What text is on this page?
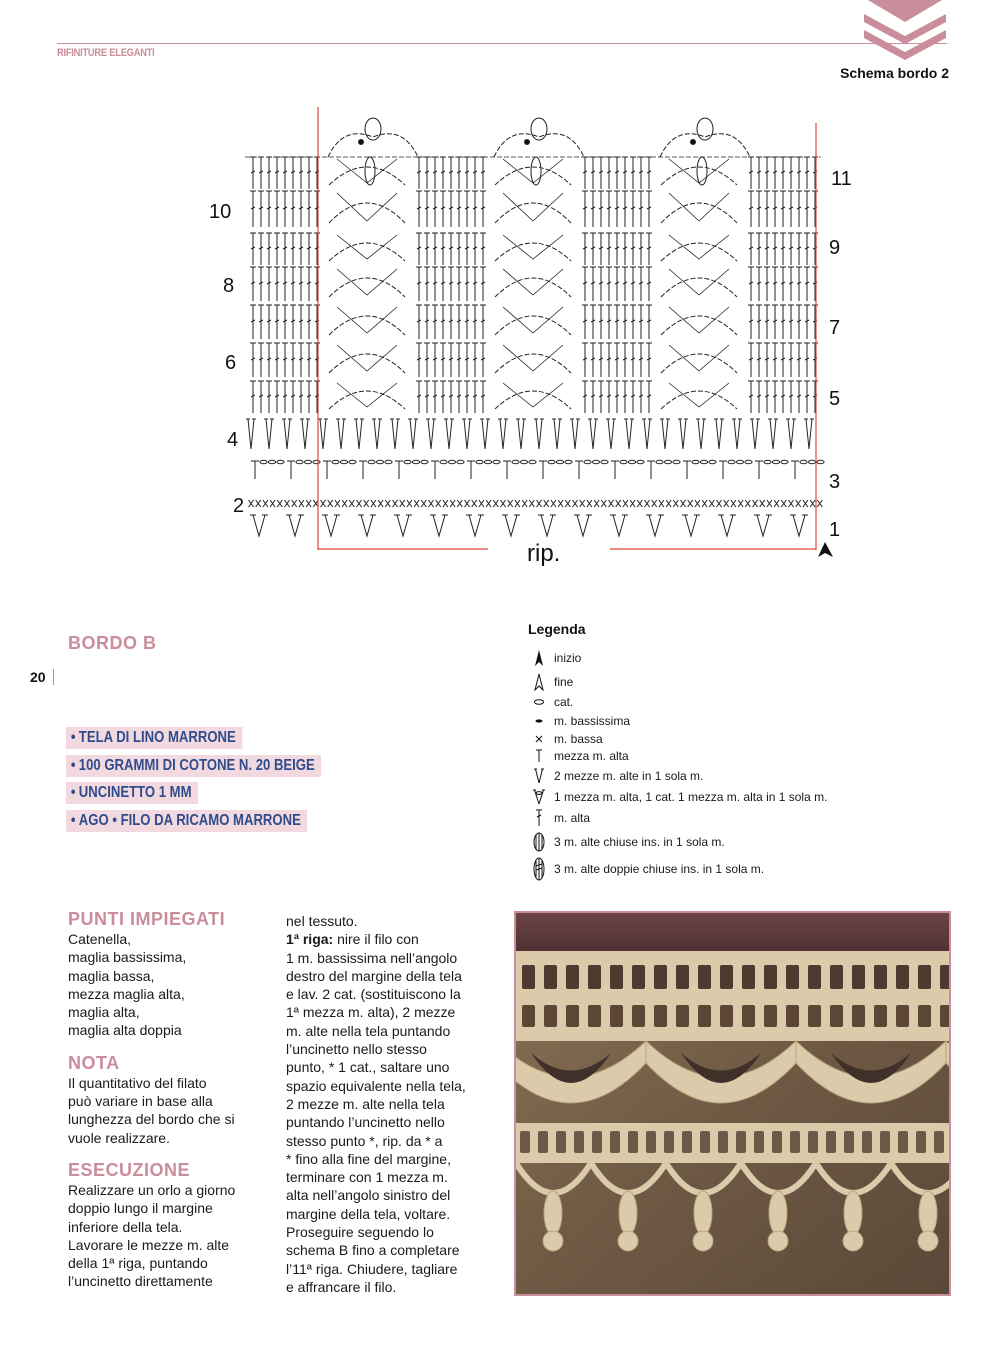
RIFINITURE ELEGANTI
Schema bordo 2
1
2
3
4
5
6
7
8
9
10
11
rip.
20
BORDO B
• TELA DI LINO MARRONE
• 100 GRAMMI DI COTONE N. 20 BEIGE
• UNCINETTO 1 MM
• AGO • FILO DA RICAMO MARRONE
Legenda
inizio
fine
cat.
m. bassissima
m. bassa
mezza m. alta
2 mezze m. alte in 1 sola m.
1 mezza m. alta, 1 cat. 1 mezza m. alta in 1 sola m.
m. alta
3 m. alte chiuse ins. in 1 sola m.
3 m. alte doppie chiuse ins. in 1 sola m.
PUNTI IMPIEGATI

Catenella,

maglia bassissima,

maglia bassa,

mezza maglia alta,

maglia alta,

maglia alta doppia

NOTA

Il quantitativo del filato

può variare in base alla

lunghezza del bordo che si

vuole realizzare.

ESECUZIONE

Realizzare un orlo a giorno

doppio lungo il margine

inferiore della tela.

Lavorare le mezze m. alte

della 1ª riga, puntando

l’uncinetto direttamente

nel tessuto.
1ª riga: nire il filo con
1 m. bassissima nell’angolo
destro del margine della tela
e lav. 2 cat. (sostituiscono la
1ª mezza m. alta), 2 mezze
m. alte nella tela puntando
l’uncinetto nello stesso
punto, * 1 cat., saltare uno
spazio equivalente nella tela,
2 mezze m. alte nella tela
puntando l’uncinetto nello
stesso punto *, rip. da * a
* fino alla fine del margine,
terminare con 1 mezza m.
alta nell’angolo sinistro del
margine della tela, voltare.
Proseguire seguendo lo
schema B fino a completare
l’11ª riga. Chiudere, tagliare
e affrancare il filo.
